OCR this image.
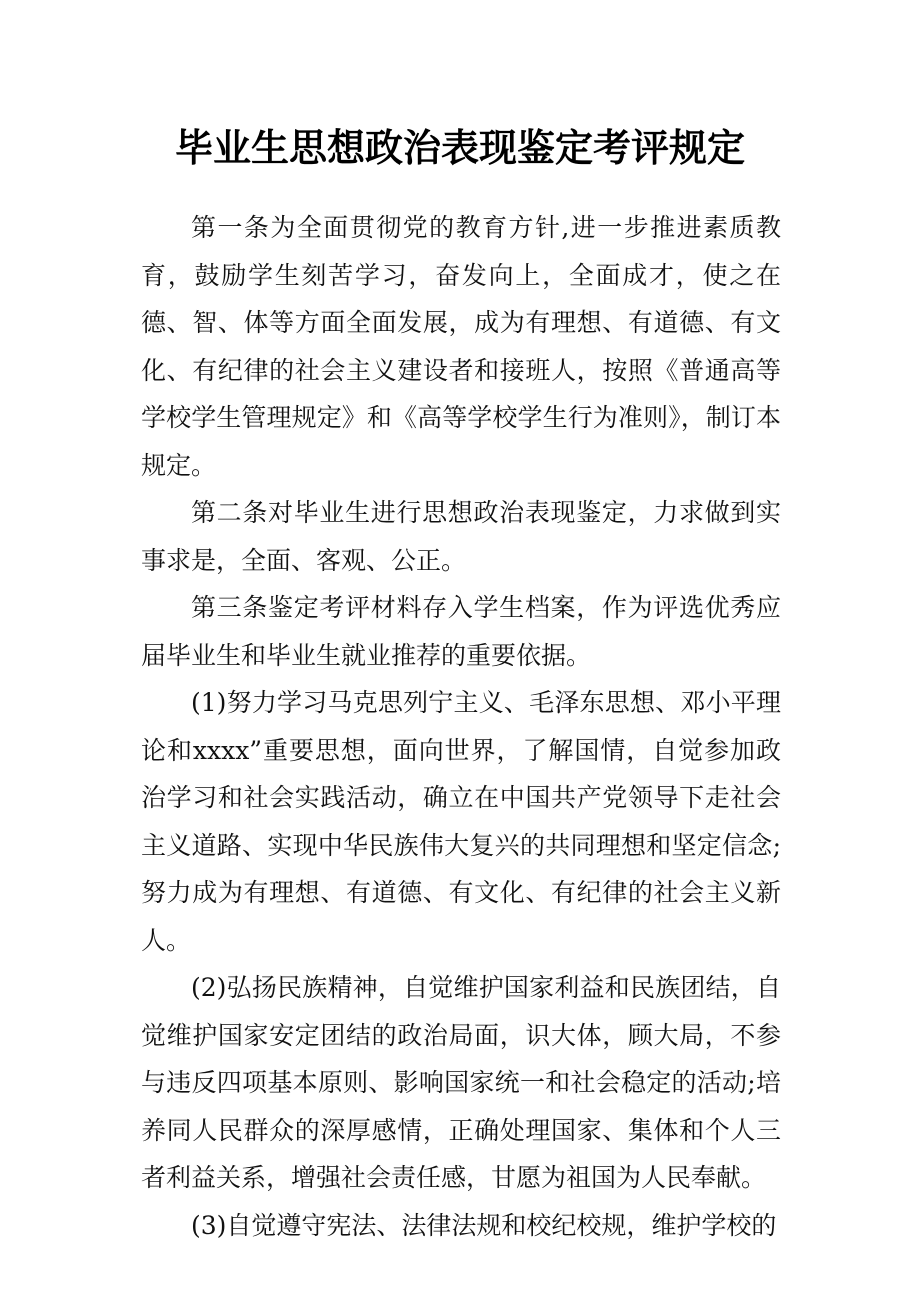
毕业生思想政治表现鉴定考评规定

第一条为全面贯彻党的教育方针,进一步推进素质教育，鼓励学生刻苦学习，奋发向上，全面成才，使之在德、智、体等方面全面发展，成为有理想、有道德、有文化、有纪律的社会主义建设者和接班人，按照《普通高等学校学生管理规定》和《高等学校学生行为准则》，制订本规定。

第二条对毕业生进行思想政治表现鉴定，力求做到实事求是，全面、客观、公正。

第三条鉴定考评材料存入学生档案，作为评选优秀应届毕业生和毕业生就业推荐的重要依据。

(1)努力学习马克思列宁主义、毛泽东思想、邓小平理论和xxxx”重要思想，面向世界，了解国情，自觉参加政治学习和社会实践活动，确立在中国共产党领导下走社会主义道路、实现中华民族伟大复兴的共同理想和坚定信念;努力成为有理想、有道德、有文化、有纪律的社会主义新人。

(2)弘扬民族精神，自觉维护国家利益和民族团结，自觉维护国家安定团结的政治局面，识大体，顾大局，不参与违反四项基本原则、影响国家统一和社会稳定的活动;培养同人民群众的深厚感情，正确处理国家、集体和个人三者利益关系，增强社会责任感，甘愿为祖国为人民奉献。

(3)自觉遵守宪法、法律法规和校纪校规，维护学校的
